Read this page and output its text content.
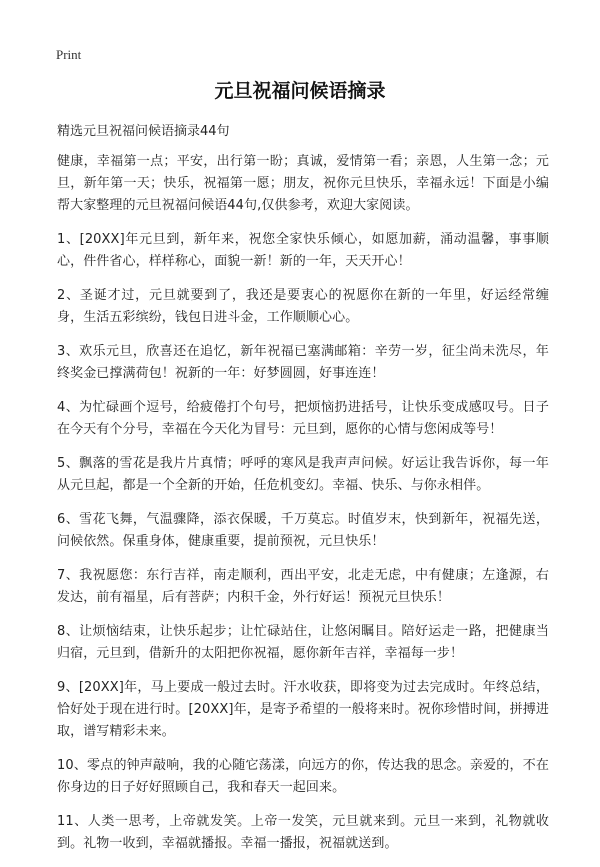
Print
元旦祝福问候语摘录

精选元旦祝福问候语摘录44句

健康，幸福第一点；平安，出行第一盼；真诚，爱情第一看；亲恩，人生第一念；元旦，新年第一天；快乐，祝福第一愿；朋友，祝你元旦快乐，幸福永远！下面是小编帮大家整理的元旦祝福问候语44句,仅供参考，欢迎大家阅读。

1、[20XX]年元旦到，新年来，祝您全家快乐倾心，如愿加薪，涌动温馨，事事顺心，件件省心，样样称心，面貌一新！新的一年，天天开心！

2、圣诞才过，元旦就要到了，我还是要衷心的祝愿你在新的一年里，好运经常缠身，生活五彩缤纷，钱包日进斗金，工作顺顺心心。

3、欢乐元旦，欣喜还在追忆，新年祝福已塞满邮箱：辛劳一岁，征尘尚未洗尽，年终奖金已撑满荷包！祝新的一年：好梦圆圆，好事连连！

4、为忙碌画个逗号，给疲倦打个句号，把烦恼扔进括号，让快乐变成感叹号。日子在今天有个分号，幸福在今天化为冒号：元旦到，愿你的心情与您闲成等号！

5、飘落的雪花是我片片真情；呼呼的寒风是我声声问候。好运让我告诉你，每一年从元旦起，都是一个全新的开始，任危机变幻。幸福、快乐、与你永相伴。

6、雪花飞舞，气温骤降，添衣保暖，千万莫忘。时值岁末，快到新年，祝福先送，问候依然。保重身体，健康重要，提前预祝，元旦快乐！

7、我祝愿您：东行吉祥，南走顺利，西出平安，北走无虑，中有健康；左逢源，右发达，前有福星，后有菩萨；内积千金，外行好运！预祝元旦快乐！

8、让烦恼结束，让快乐起步；让忙碌站住，让悠闲瞩目。陪好运走一路，把健康当归宿，元旦到，借新升的太阳把你祝福，愿你新年吉祥，幸福每一步！

9、[20XX]年，马上要成一般过去时。汗水收获，即将变为过去完成时。年终总结，恰好处于现在进行时。[20XX]年，是寄予希望的一般将来时。祝你珍惜时间，拼搏进取，谱写精彩未来。

10、零点的钟声敲响，我的心随它荡漾，向远方的你，传达我的思念。亲爱的，不在你身边的日子好好照顾自己，我和春天一起回来。

11、人类一思考，上帝就发笑。上帝一发笑，元旦就来到。元旦一来到，礼物就收到。礼物一收到，幸福就播报。幸福一播报，祝福就送到。
